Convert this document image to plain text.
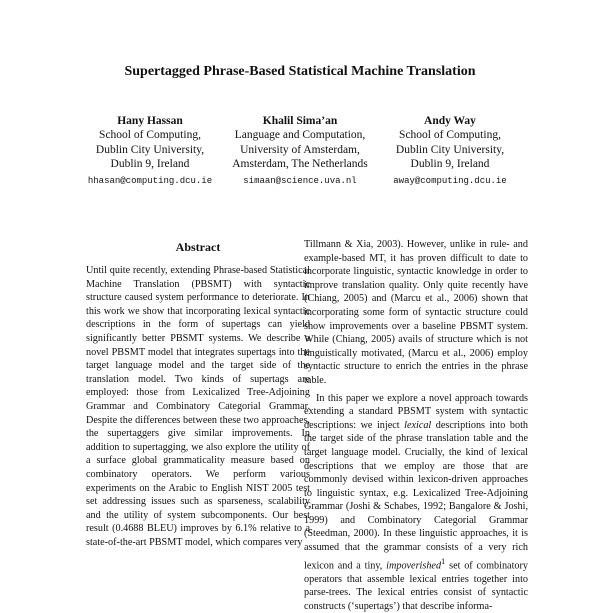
Supertagged Phrase-Based Statistical Machine Translation
Hany Hassan
School of Computing,
Dublin City University,
Dublin 9, Ireland
hhasan@computing.dcu.ie
Khalil Sima’an
Language and Computation,
University of Amsterdam,
Amsterdam, The Netherlands
simaan@science.uva.nl
Andy Way
School of Computing,
Dublin City University,
Dublin 9, Ireland
away@computing.dcu.ie
Abstract

Until quite recently, extending Phrase-based Statistical Machine Translation (PBSMT) with syntactic structure caused system performance to deteriorate. In this work we show that incorporating lexical syntactic descriptions in the form of supertags can yield significantly better PBSMT systems. We describe a novel PBSMT model that integrates supertags into the target language model and the target side of the translation model. Two kinds of supertags are employed: those from Lexicalized Tree-Adjoining Grammar and Combinatory Categorial Grammar. Despite the differences between these two approaches, the supertaggers give similar improvements. In addition to supertagging, we also explore the utility of a surface global grammaticality measure based on combinatory operators. We perform various experiments on the Arabic to English NIST 2005 test set addressing issues such as sparseness, scalability and the utility of system subcomponents. Our best result (0.4688 BLEU) improves by 6.1% relative to a state-of-the-art PBSMT model, which compares very

Tillmann & Xia, 2003). However, unlike in rule- and example-based MT, it has proven difficult to date to incorporate linguistic, syntactic knowledge in order to improve translation quality. Only quite recently have (Chiang, 2005) and (Marcu et al., 2006) shown that incorporating some form of syntactic structure could show improvements over a baseline PBSMT system. While (Chiang, 2005) avails of structure which is not linguistically motivated, (Marcu et al., 2006) employ syntactic structure to enrich the entries in the phrase table.

In this paper we explore a novel approach towards extending a standard PBSMT system with syntactic descriptions: we inject lexical descriptions into both the target side of the phrase translation table and the target language model. Crucially, the kind of lexical descriptions that we employ are those that are commonly devised within lexicon-driven approaches to linguistic syntax, e.g. Lexicalized Tree-Adjoining Grammar (Joshi & Schabes, 1992; Bangalore & Joshi, 1999) and Combinatory Categorial Grammar (Steedman, 2000). In these linguistic approaches, it is assumed that the grammar consists of a very rich lexicon and a tiny, impoverished$^1$ set of combinatory operators that assemble lexical entries together into parse-trees. The lexical entries consist of syntactic constructs (‘supertags’) that describe informa-
